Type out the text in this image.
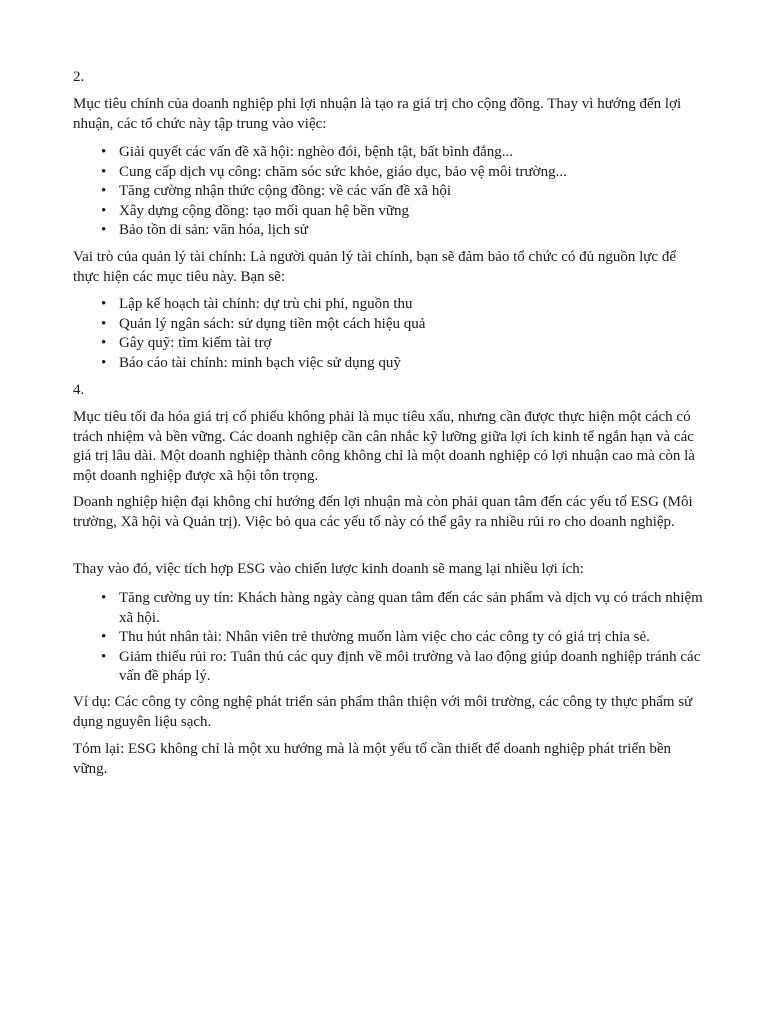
2.

Mục tiêu chính của doanh nghiệp phi lợi nhuận là tạo ra giá trị cho cộng đồng. Thay vì hướng đến lợi nhuận, các tổ chức này tập trung vào việc:

• Giải quyết các vấn đề xã hội: nghèo đói, bệnh tật, bất bình đẳng...
• Cung cấp dịch vụ công: chăm sóc sức khỏe, giáo dục, bảo vệ môi trường...
• Tăng cường nhận thức cộng đồng: về các vấn đề xã hội
• Xây dựng cộng đồng: tạo mối quan hệ bền vững
• Bảo tồn di sản: văn hóa, lịch sử

Vai trò của quản lý tài chính: Là người quản lý tài chính, bạn sẽ đảm bảo tổ chức có đủ nguồn lực để thực hiện các mục tiêu này. Bạn sẽ:

• Lập kế hoạch tài chính: dự trù chi phí, nguồn thu
• Quản lý ngân sách: sử dụng tiền một cách hiệu quả
• Gây quỹ: tìm kiếm tài trợ
• Báo cáo tài chính: minh bạch việc sử dụng quỹ

4.

Mục tiêu tối đa hóa giá trị cổ phiếu không phải là mục tiêu xấu, nhưng cần được thực hiện một cách có trách nhiệm và bền vững. Các doanh nghiệp cần cân nhắc kỹ lưỡng giữa lợi ích kinh tế ngắn hạn và các giá trị lâu dài. Một doanh nghiệp thành công không chỉ là một doanh nghiệp có lợi nhuận cao mà còn là một doanh nghiệp được xã hội tôn trọng.

Doanh nghiệp hiện đại không chỉ hướng đến lợi nhuận mà còn phải quan tâm đến các yếu tố ESG (Môi trường, Xã hội và Quản trị). Việc bỏ qua các yếu tố này có thể gây ra nhiều rủi ro cho doanh nghiệp.

Thay vào đó, việc tích hợp ESG vào chiến lược kinh doanh sẽ mang lại nhiều lợi ích:

• Tăng cường uy tín: Khách hàng ngày càng quan tâm đến các sản phẩm và dịch vụ có trách nhiệm xã hội.
• Thu hút nhân tài: Nhân viên trẻ thường muốn làm việc cho các công ty có giá trị chia sẻ.
• Giảm thiểu rủi ro: Tuân thủ các quy định về môi trường và lao động giúp doanh nghiệp tránh các vấn đề pháp lý.

Ví dụ: Các công ty công nghệ phát triển sản phẩm thân thiện với môi trường, các công ty thực phẩm sử dụng nguyên liệu sạch.

Tóm lại: ESG không chỉ là một xu hướng mà là một yếu tố cần thiết để doanh nghiệp phát triển bền vững.
